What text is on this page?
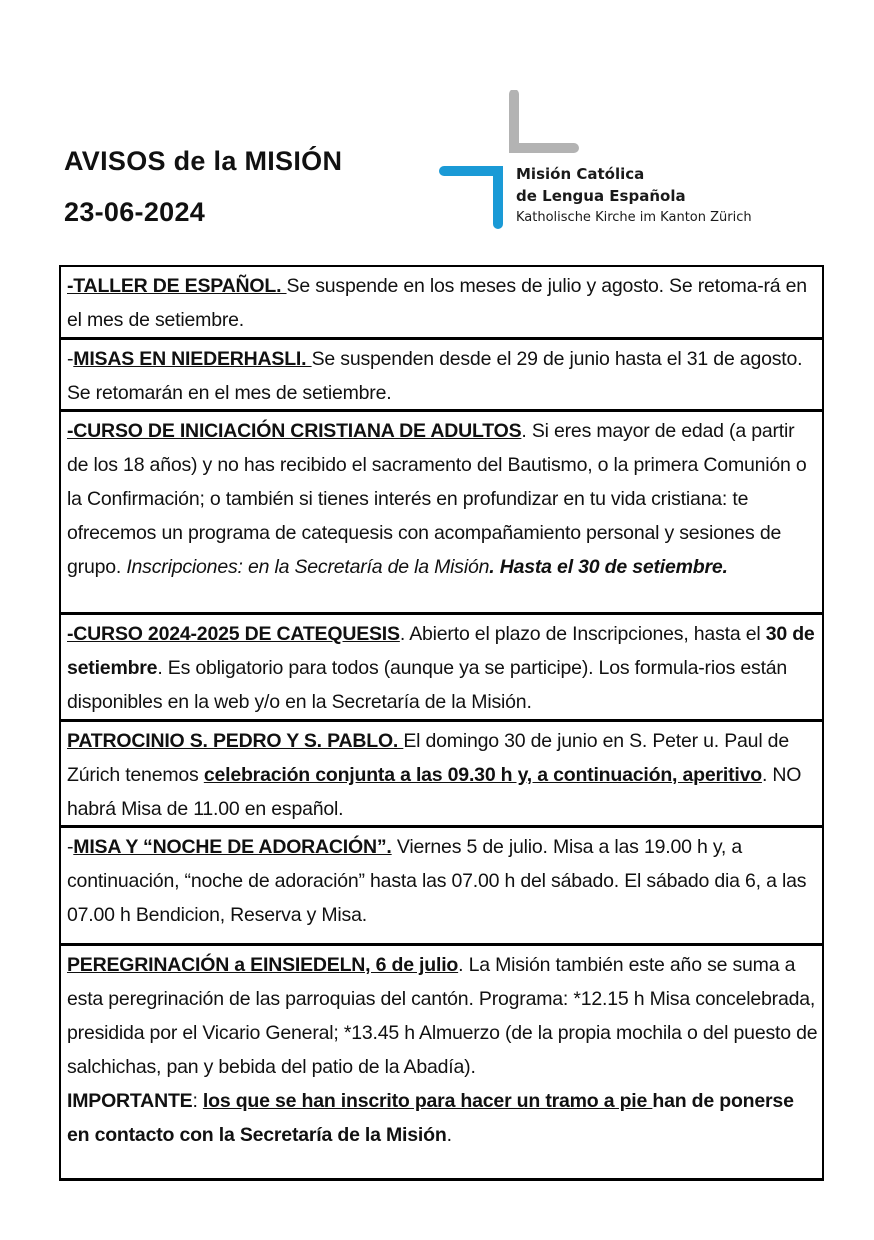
AVISOS de la MISIÓN
23-06-2024
Misión Católica
de Lengua Española
Katholische Kirche im Kanton Zürich
-TALLER DE ESPAÑOL. Se suspende en los meses de julio y agosto. Se retoma-rá en el mes de setiembre.
-MISAS EN NIEDERHASLI. Se suspenden desde el 29 de junio hasta el 31 de agosto. Se retomarán en el mes de setiembre.
-CURSO DE INICIACIÓN CRISTIANA DE ADULTOS. Si eres mayor de edad (a partir de los 18 años) y no has recibido el sacramento del Bautismo, o la primera Comunión o la Confirmación; o también si tienes interés en profundizar en tu vida cristiana: te ofrecemos un programa de catequesis con acompañamiento personal y sesiones de grupo. Inscripciones: en la Secretaría de la Misión. Hasta el 30 de setiembre.
-CURSO 2024-2025 DE CATEQUESIS. Abierto el plazo de Inscripciones, hasta el 30 de setiembre. Es obligatorio para todos (aunque ya se participe). Los formula-rios están disponibles en la web y/o en la Secretaría de la Misión.
PATROCINIO S. PEDRO Y S. PABLO. El domingo 30 de junio en S. Peter u. Paul de Zúrich tenemos celebración conjunta a las 09.30 h y, a continuación, aperitivo. NO habrá Misa de 11.00 en español.
-MISA Y “NOCHE DE ADORACIÓN”. Viernes 5 de julio. Misa a las 19.00 h y, a continuación, “noche de adoración” hasta las 07.00 h del sábado. El sábado dia 6, a las 07.00 h Bendicion, Reserva y Misa.
PEREGRINACIÓN a EINSIEDELN, 6 de julio. La Misión también este año se suma a esta peregrinación de las parroquias del cantón. Programa: *12.15 h Misa concelebrada, presidida por el Vicario General; *13.45 h Almuerzo (de la propia mochila o del puesto de salchichas, pan y bebida del patio de la Abadía).
IMPORTANTE: los que se han inscrito para hacer un tramo a pie han de ponerse en contacto con la Secretaría de la Misión.
